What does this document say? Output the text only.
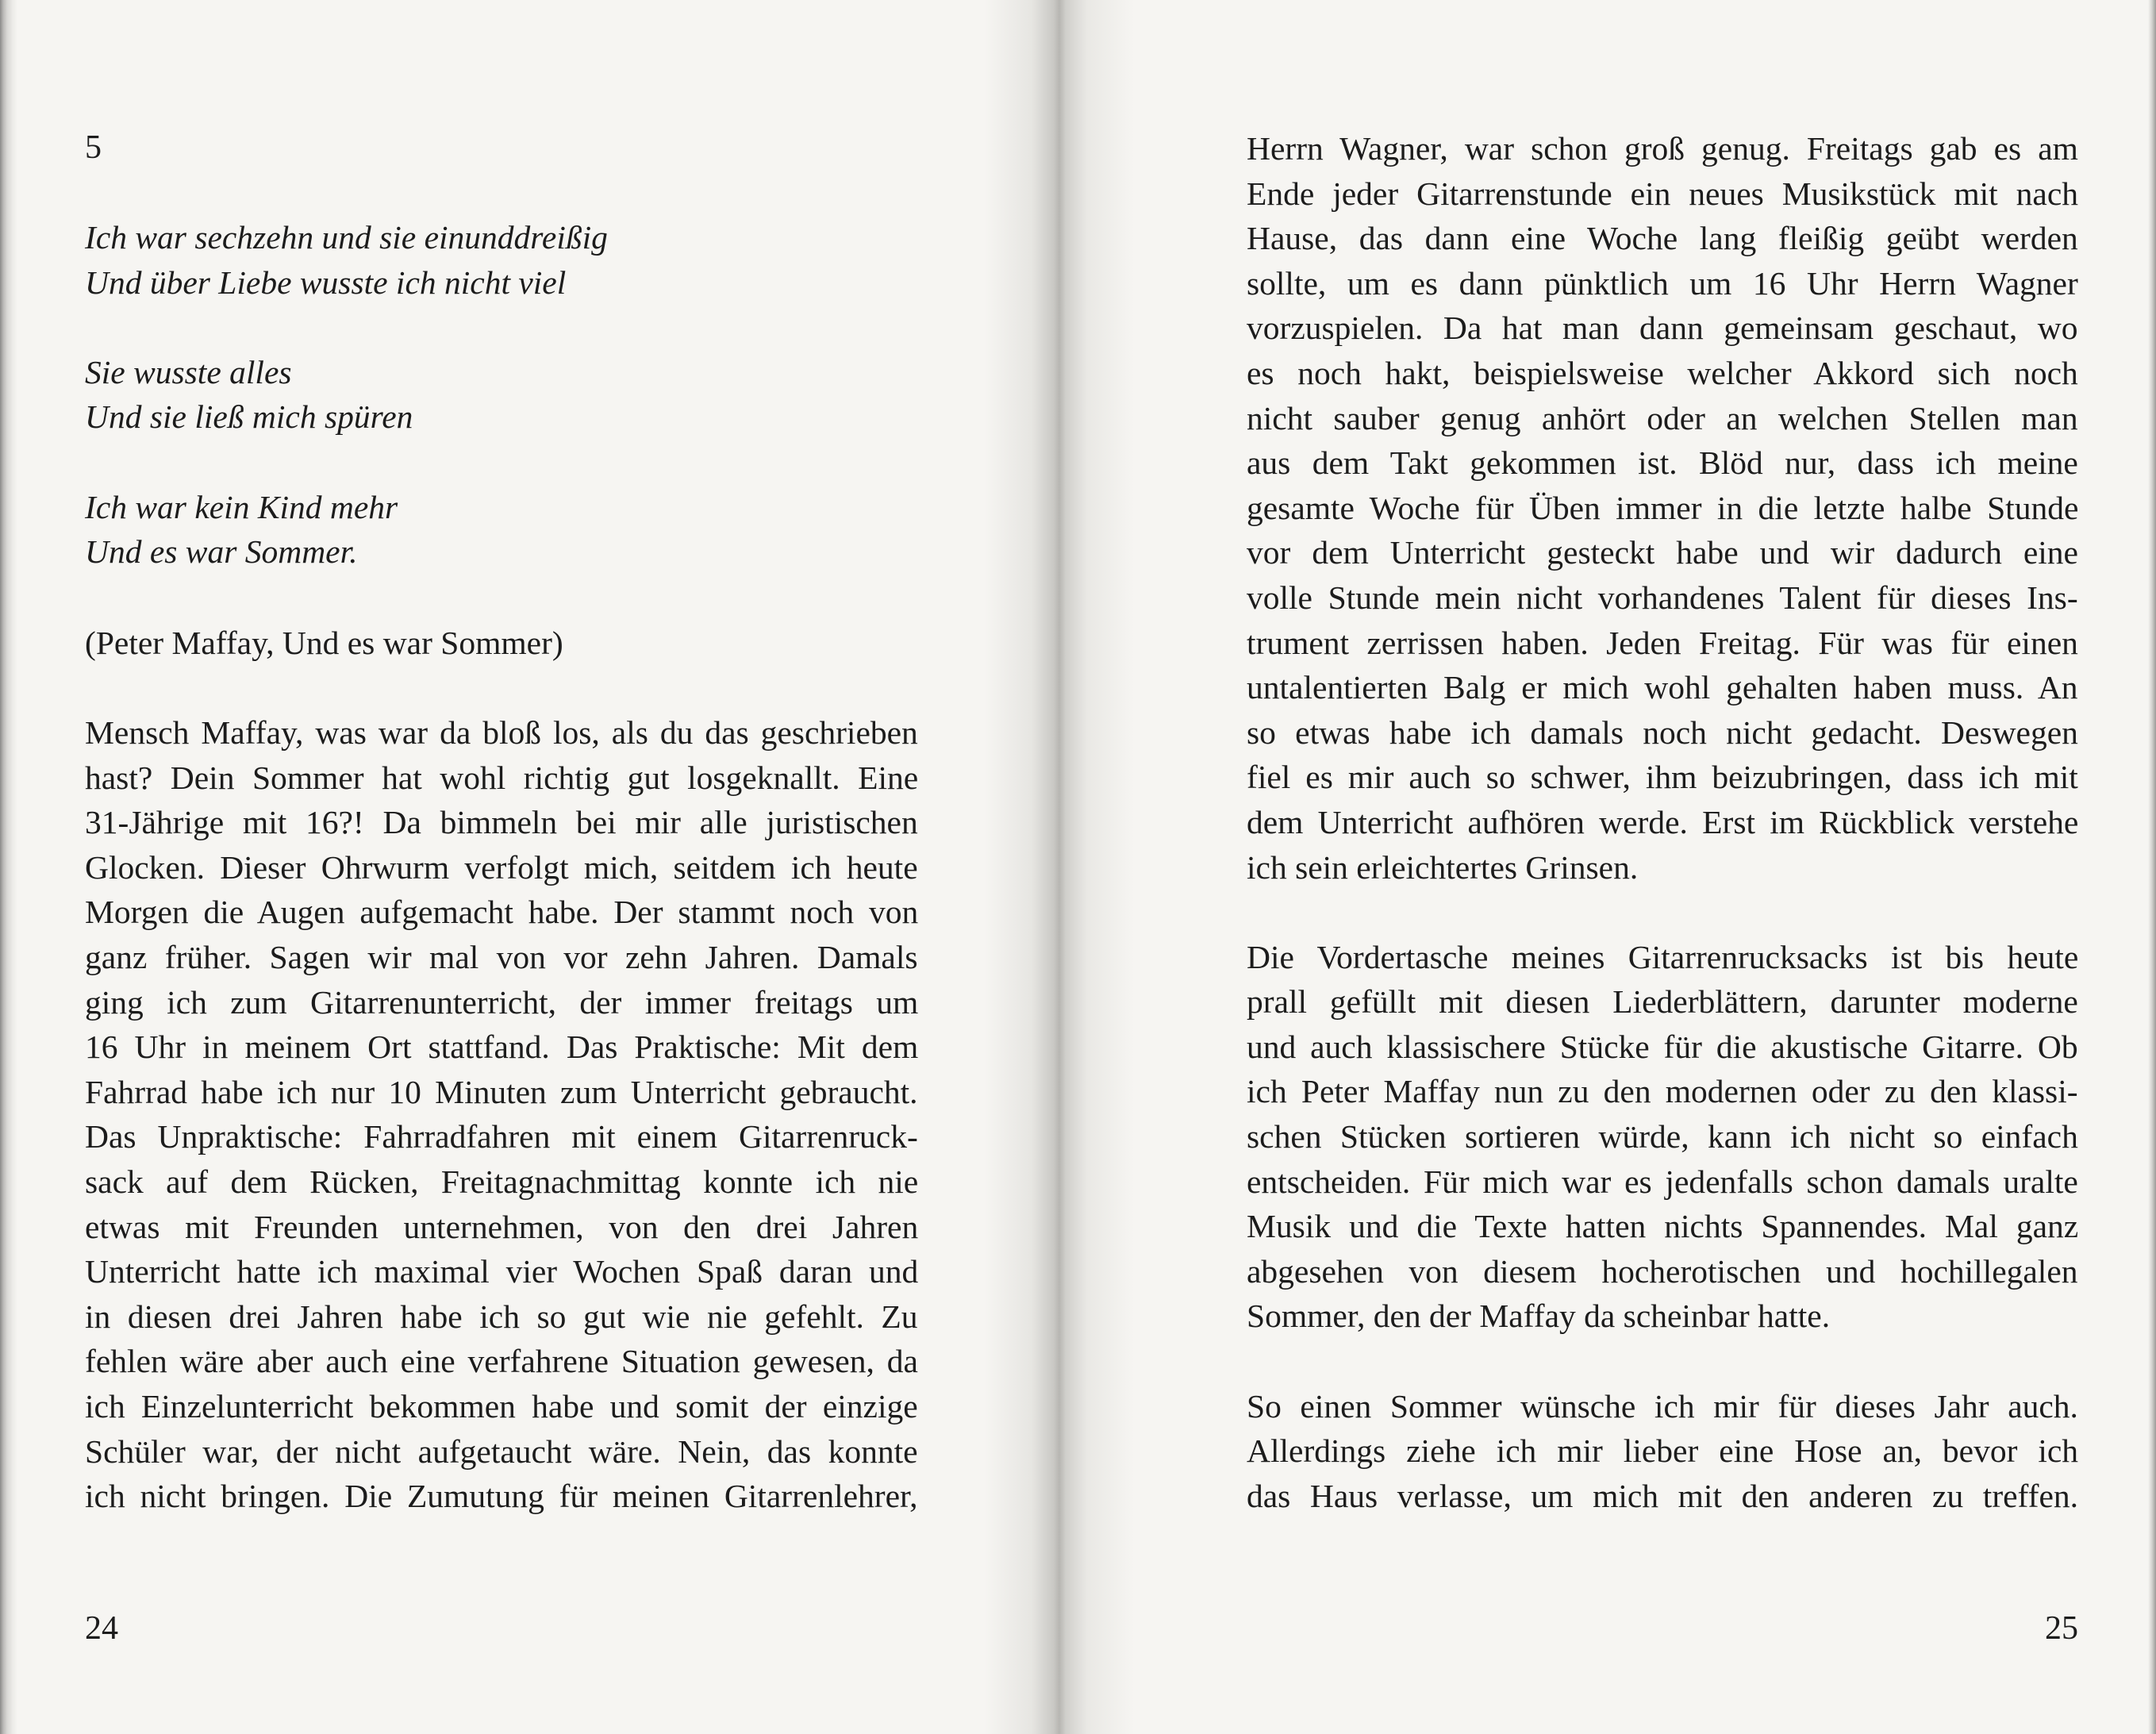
5
Ich war sechzehn und sie einunddreißig
Und über Liebe wusste ich nicht viel
Sie wusste alles
Und sie ließ mich spüren
Ich war kein Kind mehr
Und es war Sommer.
(Peter Maffay, Und es war Sommer)
Mensch Maffay, was war da bloß los, als du das geschrieben
hast? Dein Sommer hat wohl richtig gut losgeknallt. Eine
31-Jährige mit 16?! Da bimmeln bei mir alle juristischen
Glocken. Dieser Ohrwurm verfolgt mich, seitdem ich heute
Morgen die Augen aufgemacht habe. Der stammt noch von
ganz früher. Sagen wir mal von vor zehn Jahren. Damals
ging ich zum Gitarrenunterricht, der immer freitags um
16 Uhr in meinem Ort stattfand. Das Praktische: Mit dem
Fahrrad habe ich nur 10 Minuten zum Unterricht gebraucht.
Das Unpraktische: Fahrradfahren mit einem Gitarrenruck-
sack auf dem Rücken, Freitagnachmittag konnte ich nie
etwas mit Freunden unternehmen, von den drei Jahren
Unterricht hatte ich maximal vier Wochen Spaß daran und
in diesen drei Jahren habe ich so gut wie nie gefehlt. Zu
fehlen wäre aber auch eine verfahrene Situation gewesen, da
ich Einzelunterricht bekommen habe und somit der einzige
Schüler war, der nicht aufgetaucht wäre. Nein, das konnte
ich nicht bringen. Die Zumutung für meinen Gitarrenlehrer,
24

Herrn Wagner, war schon groß genug. Freitags gab es am
Ende jeder Gitarrenstunde ein neues Musikstück mit nach
Hause, das dann eine Woche lang fleißig geübt werden
sollte, um es dann pünktlich um 16 Uhr Herrn Wagner
vorzuspielen. Da hat man dann gemeinsam geschaut, wo
es noch hakt, beispielsweise welcher Akkord sich noch
nicht sauber genug anhört oder an welchen Stellen man
aus dem Takt gekommen ist. Blöd nur, dass ich meine
gesamte Woche für Üben immer in die letzte halbe Stunde
vor dem Unterricht gesteckt habe und wir dadurch eine
volle Stunde mein nicht vorhandenes Talent für dieses Ins-
trument zerrissen haben. Jeden Freitag. Für was für einen
untalentierten Balg er mich wohl gehalten haben muss. An
so etwas habe ich damals noch nicht gedacht. Deswegen
fiel es mir auch so schwer, ihm beizubringen, dass ich mit
dem Unterricht aufhören werde. Erst im Rückblick verstehe
ich sein erleichtertes Grinsen.

Die Vordertasche meines Gitarrenrucksacks ist bis heute
prall gefüllt mit diesen Liederblättern, darunter moderne
und auch klassischere Stücke für die akustische Gitarre. Ob
ich Peter Maffay nun zu den modernen oder zu den klassi-
schen Stücken sortieren würde, kann ich nicht so einfach
entscheiden. Für mich war es jedenfalls schon damals uralte
Musik und die Texte hatten nichts Spannendes. Mal ganz
abgesehen von diesem hocherotischen und hochillegalen
Sommer, den der Maffay da scheinbar hatte.

So einen Sommer wünsche ich mir für dieses Jahr auch.
Allerdings ziehe ich mir lieber eine Hose an, bevor ich
das Haus verlasse, um mich mit den anderen zu treffen.

25
